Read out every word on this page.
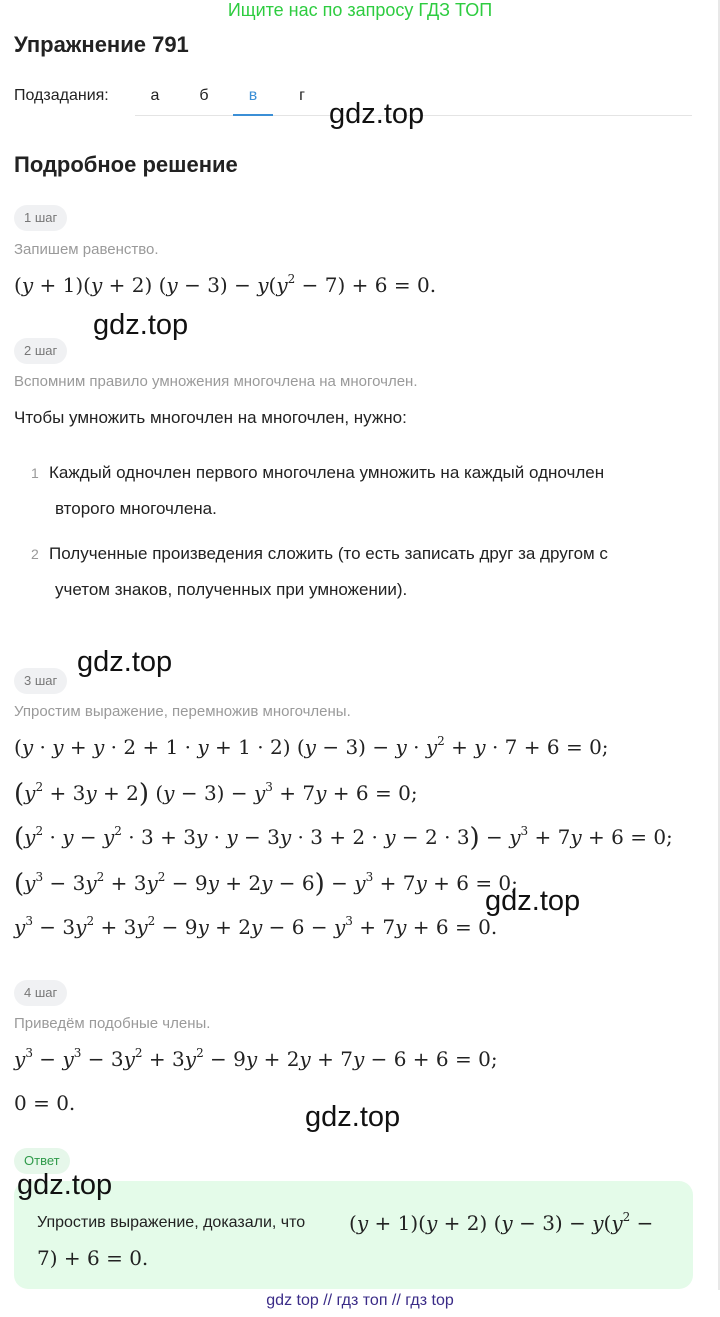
Ищите нас по запросу ГДЗ ТОП
Упражнение 791
Подзадания:	а	б	в	г
gdz.top
Подробное решение
1 шаг
Запишем равенство.
(y + 1)(y + 2) $(y - 3) - y(y^2 - 7) + 6 = 0$.
gdz.top
2 шаг
Вспомним правило умножения многочлена на многочлен.
Чтобы умножить многочлен на многочлен, нужно:
1 Каждый одночлен первого многочлена умножить на каждый одночлен
второго многочлена.
2 Полученные произведения сложить (то есть записать друг за другом с
учетом знаков, полученных при умножении).
gdz.top
3 шаг
Упростим выражение, перемножив многочлены.
(y · y + y · 2 + 1 · y + 1 · 2) $(y - 3) - y \cdot y^2 + y \cdot 7 + 6 = 0$;
$(y^2 + 3y + 2) (y - 3) - y^3 + 7y + 6 = 0$;
$(y^2 \cdot y - y^2 \cdot 3 + 3y \cdot y - 3y \cdot 3 + 2 \cdot y - 2 \cdot 3) - y^3 + 7y + 6 = 0$;
$(y^3 - 3y^2 + 3y^2 - 9y + 2y - 6) - y^3 + 7y + 6 = 0$;
$y^3 - 3y^2 + 3y^2 - 9y + 2y - 6 - y^3 + 7y + 6 = 0$.
gdz.top
4 шаг
Приведём подобные члены.
$y^3 - y^3 - 3y^2 + 3y^2 - 9y + 2y + 7y - 6 + 6 = 0$;
0 = 0.	gdz.top
Ответ
Упростив выражение, доказали, что (y + 1)(y + 2) $(y - 3) - y(y^2$ −
7) + 6 = 0.
gdz.top
gdz top // гдз топ // гдз top
